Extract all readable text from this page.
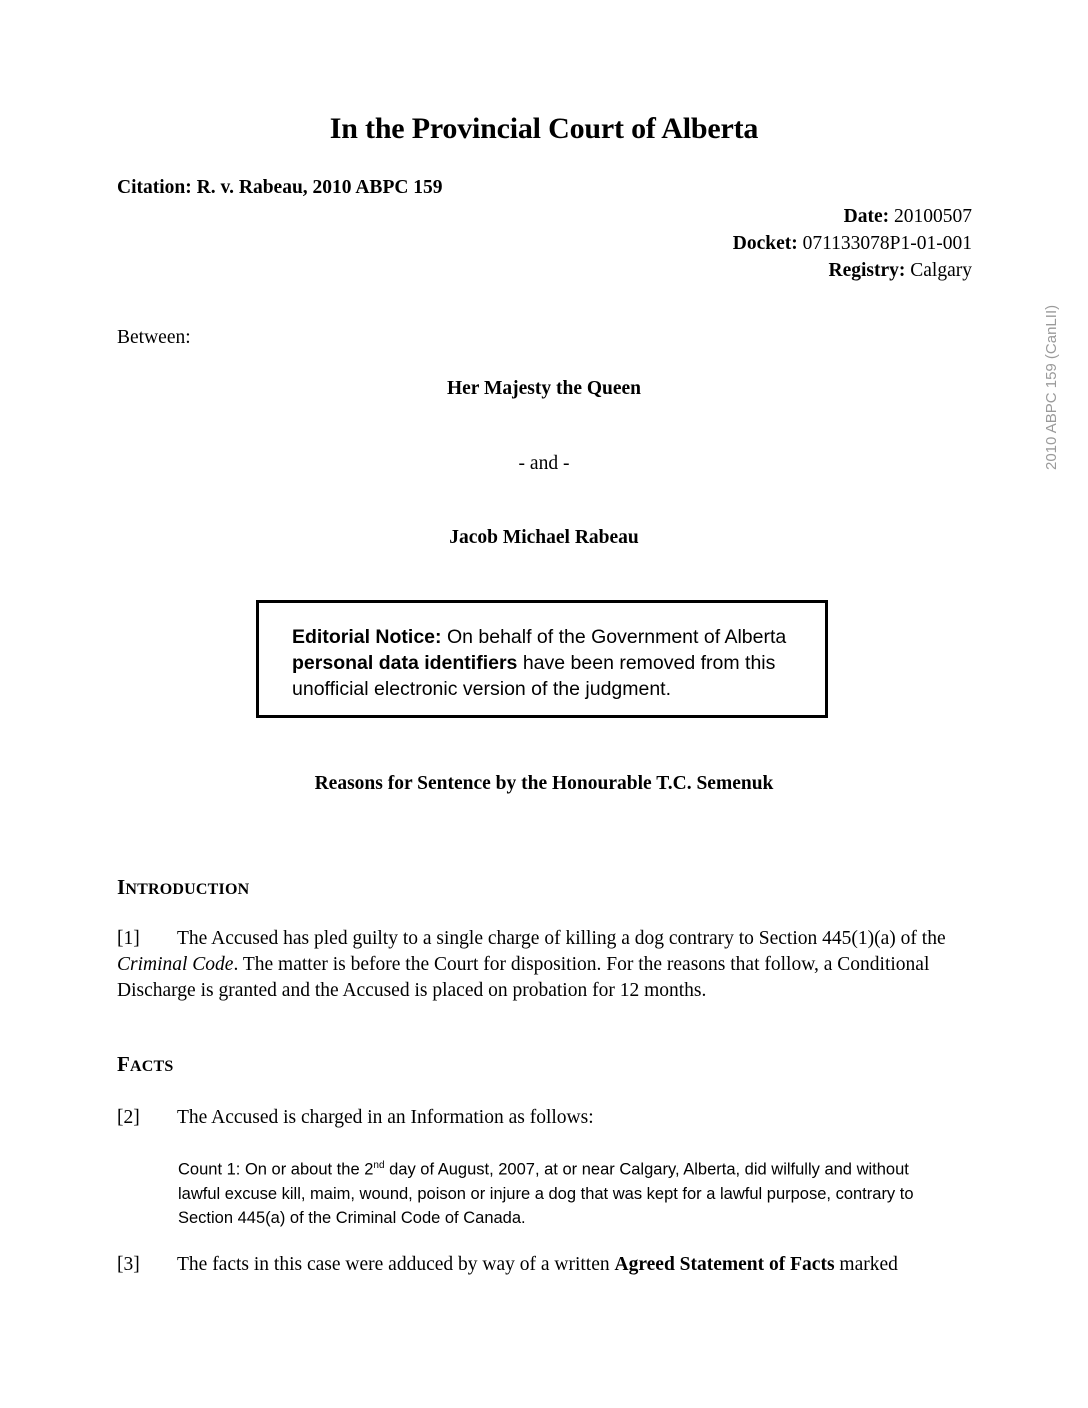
In the Provincial Court of Alberta
Citation: R. v. Rabeau, 2010 ABPC 159
Date: 20100507
Docket: 071133078P1-01-001
Registry: Calgary
Between:
Her Majesty the Queen
- and -
Jacob Michael Rabeau
Editorial Notice: On behalf of the Government of Alberta personal data identifiers have been removed from this unofficial electronic version of the judgment.
Reasons for Sentence by the Honourable T.C. Semenuk
INTRODUCTION
[1] The Accused has pled guilty to a single charge of killing a dog contrary to Section 445(1)(a) of the Criminal Code. The matter is before the Court for disposition. For the reasons that follow, a Conditional Discharge is granted and the Accused is placed on probation for 12 months.
FACTS
[2] The Accused is charged in an Information as follows:
Count 1: On or about the 2nd day of August, 2007, at or near Calgary, Alberta, did wilfully and without lawful excuse kill, maim, wound, poison or injure a dog that was kept for a lawful purpose, contrary to Section 445(a) of the Criminal Code of Canada.
[3] The facts in this case were adduced by way of a written Agreed Statement of Facts marked
2010 ABPC 159 (CanLII)
